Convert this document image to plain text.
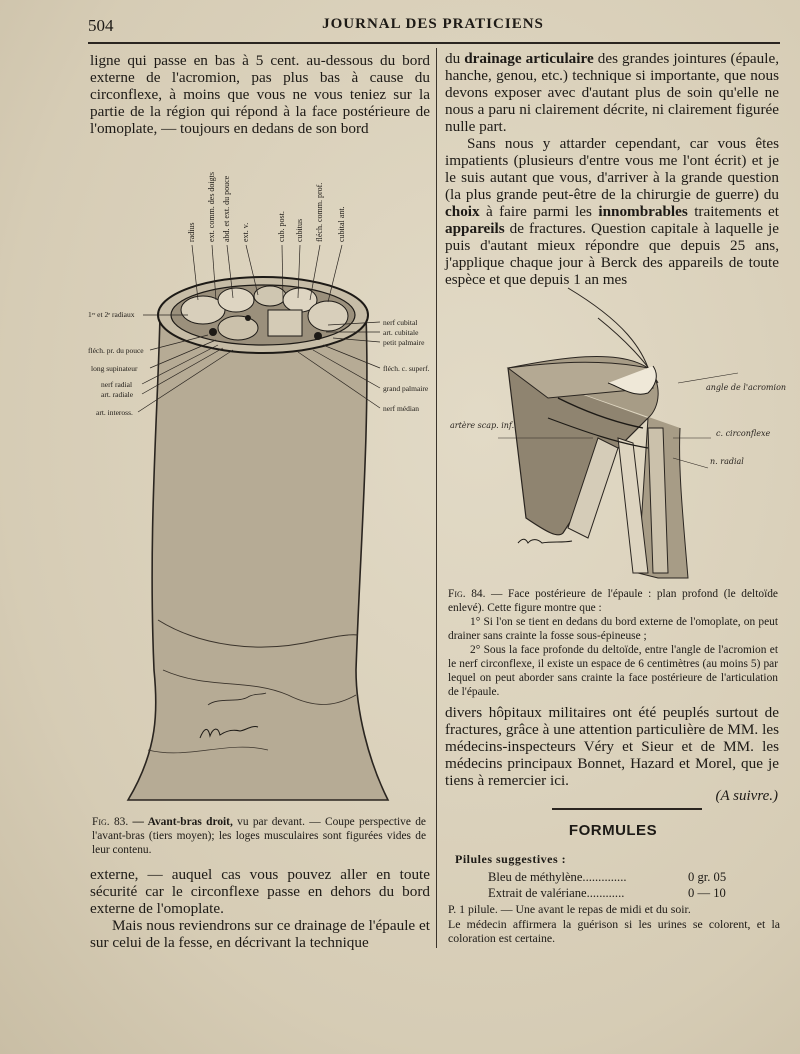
504	JOURNAL DES PRATICIENS

ligne qui passe en bas à 5 cent. au-dessous du bord externe de l'acromion, pas plus bas à cause du circonflexe, à moins que vous ne vous teniez sur la partie de la région qui répond à la face postérieure de l'omoplate, — toujours en dedans de son bord

radius ext. comm. des doigts abd. et ext. du pouce ext. v.	cub. post. cubitus fléch. comm. prof. cubital ant.
1ᵉʳ et 2ᵉ radiaux
fléch. pr. du pouce
long supinateur
nerf radial
art. radiale
art. inteross.
nerf cubital
art. cubitale
petit palmaire
fléch. c. superf.
grand palmaire
nerf médian
Fig. 83. — Avant-bras droit, vu par devant. — Coupe perspective de l'avant-bras (tiers moyen); les loges musculaires sont figurées vides de leur contenu.

externe, — auquel cas vous pouvez aller en toute sécurité car le circonflexe passe en dehors du bord externe de l'omoplate.

Mais nous reviendrons sur ce drainage de l'épaule et sur celui de la fesse, en décrivant la technique

du drainage articulaire des grandes jointures (épaule, hanche, genou, etc.) technique si importante, que nous devons exposer avec d'autant plus de soin qu'elle ne nous a paru ni clairement décrite, ni clairement figurée nulle part.

Sans nous y attarder cependant, car vous êtes impatients (plusieurs d'entre vous me l'ont écrit) et je le suis autant que vous, d'arriver à la grande question (la plus grande peut-être de la chirurgie de guerre) du choix à faire parmi les innombrables traitements et appareils de fractures. Question capitale à laquelle je puis d'autant mieux répondre que depuis 25 ans, j'applique chaque jour à Berck des appareils de toute espèce et que depuis 1 an mes

angle de l'acromion
c. circonflexe
n. radial
artère scap. inf.
Fig. 84. — Face postérieure de l'épaule : plan profond (le deltoïde enlevé). Cette figure montre que :
1° Si l'on se tient en dedans du bord externe de l'omoplate, on peut drainer sans crainte la fosse sous-épineuse ;
2° Sous la face profonde du deltoïde, entre l'angle de l'acromion et le nerf circonflexe, il existe un espace de 6 centimètres (au moins 5) par lequel on peut aborder sans crainte la face postérieure de l'articulation de l'épaule.

divers hôpitaux militaires ont été peuplés surtout de fractures, grâce à une attention particulière de MM. les médecins-inspecteurs Véry et Sieur et de MM. les médecins principaux Bonnet, Hazard et Morel, que je tiens à remercier ici.

(A suivre.)
FORMULES
Pilules suggestives :
Bleu de méthylène..............	0 gr. 05
Extrait de valériane............	0 — 10
P. 1 pilule. — Une avant le repas de midi et du soir.
Le médecin affirmera la guérison si les urines se colorent, et la coloration est certaine.
